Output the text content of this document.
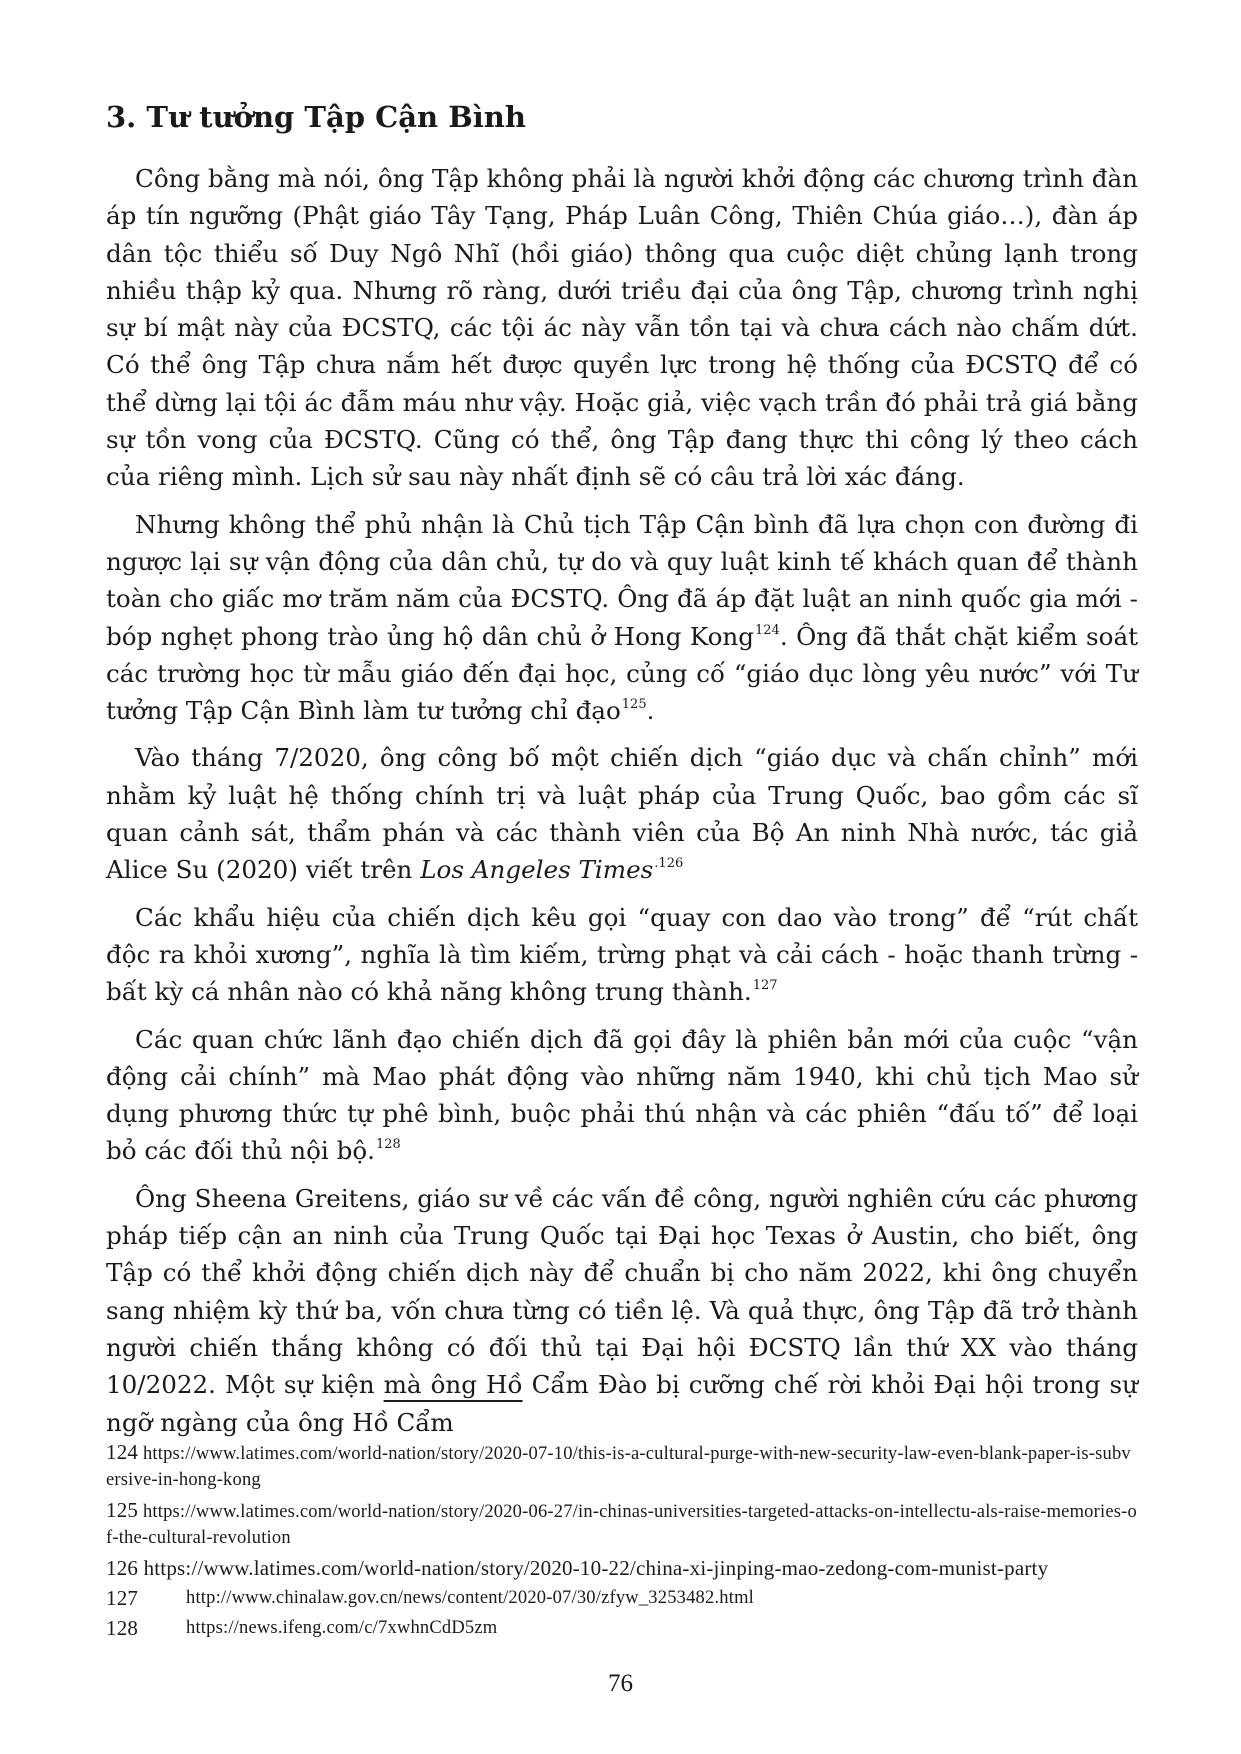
3. Tư tưởng Tập Cận Bình

Công bằng mà nói, ông Tập không phải là người khởi động các chương trình đàn áp tín ngưỡng (Phật giáo Tây Tạng, Pháp Luân Công, Thiên Chúa giáo…), đàn áp dân tộc thiểu số Duy Ngô Nhĩ (hồi giáo) thông qua cuộc diệt chủng lạnh trong nhiều thập kỷ qua. Nhưng rõ ràng, dưới triều đại của ông Tập, chương trình nghị sự bí mật này của ĐCSTQ, các tội ác này vẫn tồn tại và chưa cách nào chấm dứt. Có thể ông Tập chưa nắm hết được quyền lực trong hệ thống của ĐCSTQ để có thể dừng lại tội ác đẫm máu như vậy. Hoặc giả, việc vạch trần đó phải trả giá bằng sự tồn vong của ĐCSTQ. Cũng có thể, ông Tập đang thực thi công lý theo cách của riêng mình. Lịch sử sau này nhất định sẽ có câu trả lời xác đáng.

Nhưng không thể phủ nhận là Chủ tịch Tập Cận bình đã lựa chọn con đường đi ngược lại sự vận động của dân chủ, tự do và quy luật kinh tế khách quan để thành toàn cho giấc mơ trăm năm của ĐCSTQ. Ông đã áp đặt luật an ninh quốc gia mới - bóp nghẹt phong trào ủng hộ dân chủ ở Hong Kong$^{124}$. Ông đã thắt chặt kiểm soát các trường học từ mẫu giáo đến đại học, củng cố “giáo dục lòng yêu nước” với Tư tưởng Tập Cận Bình làm tư tưởng chỉ đạo$^{125}$.

Vào tháng 7/2020, ông công bố một chiến dịch “giáo dục và chấn chỉnh” mới nhằm kỷ luật hệ thống chính trị và luật pháp của Trung Quốc, bao gồm các sĩ quan cảnh sát, thẩm phán và các thành viên của Bộ An ninh Nhà nước, tác giả Alice Su (2020) viết trên Los Angeles Times$^{.126}$

Các khẩu hiệu của chiến dịch kêu gọi “quay con dao vào trong” để “rút chất độc ra khỏi xương”, nghĩa là tìm kiếm, trừng phạt và cải cách - hoặc thanh trừng - bất kỳ cá nhân nào có khả năng không trung thành.$^{127}$

Các quan chức lãnh đạo chiến dịch đã gọi đây là phiên bản mới của cuộc “vận động cải chính” mà Mao phát động vào những năm 1940, khi chủ tịch Mao sử dụng phương thức tự phê bình, buộc phải thú nhận và các phiên “đấu tố” để loại bỏ các đối thủ nội bộ.$^{128}$

Ông Sheena Greitens, giáo sư về các vấn đề công, người nghiên cứu các phương pháp tiếp cận an ninh của Trung Quốc tại Đại học Texas ở Austin, cho biết, ông Tập có thể khởi động chiến dịch này để chuẩn bị cho năm 2022, khi ông chuyển sang nhiệm kỳ thứ ba, vốn chưa từng có tiền lệ. Và quả thực, ông Tập đã trở thành người chiến thắng không có đối thủ tại Đại hội ĐCSTQ lần thứ XX vào tháng 10/2022. Một sự kiện mà ông Hồ Cẩm Đào bị cưỡng chế rời khỏi Đại hội trong sự ngỡ ngàng của ông Hồ Cẩm

124 https://www.latimes.com/world-nation/story/2020-07-10/this-is-a-cultural-purge-with-new-security-law-even-blank-paper-is-subversive-in-hong-kong
125 https://www.latimes.com/world-nation/story/2020-06-27/in-chinas-universities-targeted-attacks-on-intellectu-als-raise-memories-of-the-cultural-revolution
126 https://www.latimes.com/world-nation/story/2020-10-22/china-xi-jinping-mao-zedong-com-munist-party
127	http://www.chinalaw.gov.cn/news/content/2020-07/30/zfyw_3253482.html
128	https://news.ifeng.com/c/7xwhnCdD5zm
76
